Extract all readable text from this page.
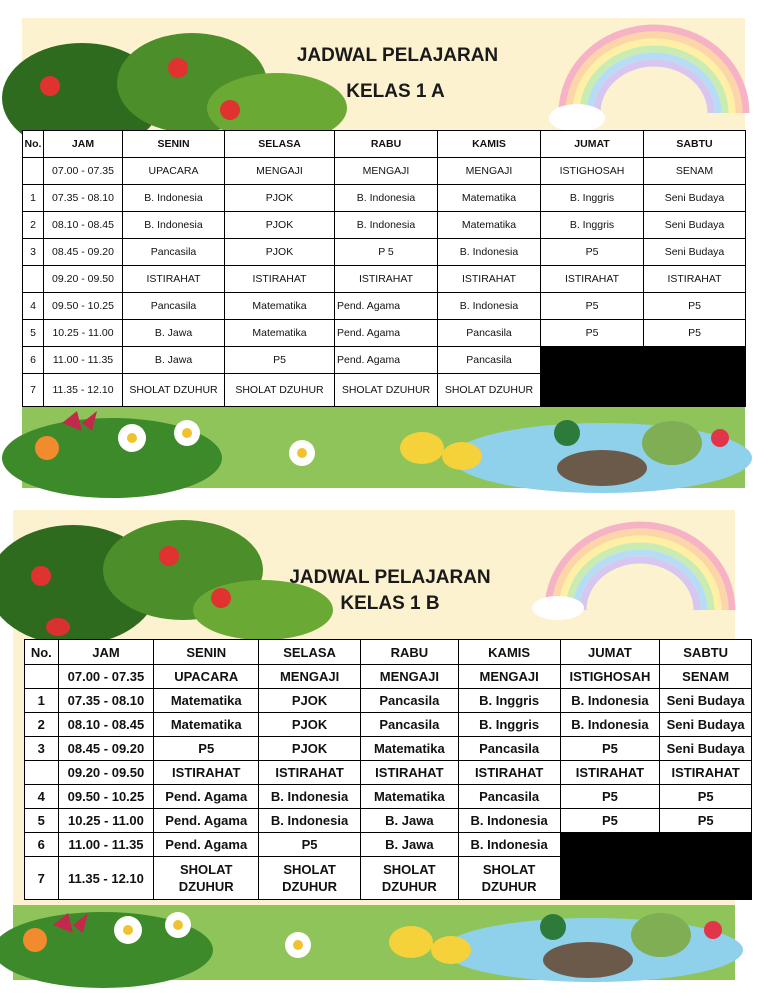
JADWAL PELAJARAN
KELAS 1 A
No.	JAM	SENIN	SELASA	RABU	KAMIS	JUMAT	SABTU
	07.00 - 07.35	UPACARA	MENGAJI	MENGAJI	MENGAJI	ISTIGHOSAH	SENAM
1	07.35 - 08.10	B. Indonesia	PJOK	B. Indonesia	Matematika	B. Inggris	Seni Budaya
2	08.10 - 08.45	B. Indonesia	PJOK	B. Indonesia	Matematika	B. Inggris	Seni Budaya
3	08.45 - 09.20	Pancasila	PJOK	P 5	B. Indonesia	P5	Seni Budaya
	09.20 - 09.50	ISTIRAHAT	ISTIRAHAT	ISTIRAHAT	ISTIRAHAT	ISTIRAHAT	ISTIRAHAT
4	09.50 - 10.25	Pancasila	Matematika	Pend. Agama	B. Indonesia	P5	P5
5	10.25 - 11.00	B. Jawa	Matematika	Pend. Agama	Pancasila	P5	P5
6	11.00 - 11.35	B. Jawa	P5	Pend. Agama	Pancasila		
7	11.35 - 12.10	SHOLAT DZUHUR	SHOLAT DZUHUR	SHOLAT DZUHUR	SHOLAT DZUHUR		
JADWAL PELAJARAN
KELAS 1 B
No.	JAM	SENIN	SELASA	RABU	KAMIS	JUMAT	SABTU
	07.00 - 07.35	UPACARA	MENGAJI	MENGAJI	MENGAJI	ISTIGHOSAH	SENAM
1	07.35 - 08.10	Matematika	PJOK	Pancasila	B. Inggris	B. Indonesia	Seni Budaya
2	08.10 - 08.45	Matematika	PJOK	Pancasila	B. Inggris	B. Indonesia	Seni Budaya
3	08.45 - 09.20	P5	PJOK	Matematika	Pancasila	P5	Seni Budaya
	09.20 - 09.50	ISTIRAHAT	ISTIRAHAT	ISTIRAHAT	ISTIRAHAT	ISTIRAHAT	ISTIRAHAT
4	09.50 - 10.25	Pend. Agama	B. Indonesia	Matematika	Pancasila	P5	P5
5	10.25 - 11.00	Pend. Agama	B. Indonesia	B. Jawa	B. Indonesia	P5	P5
6	11.00 - 11.35	Pend. Agama	P5	B. Jawa	B. Indonesia		
7	11.35 - 12.10	SHOLAT DZUHUR	SHOLAT DZUHUR	SHOLAT DZUHUR	SHOLAT DZUHUR		
